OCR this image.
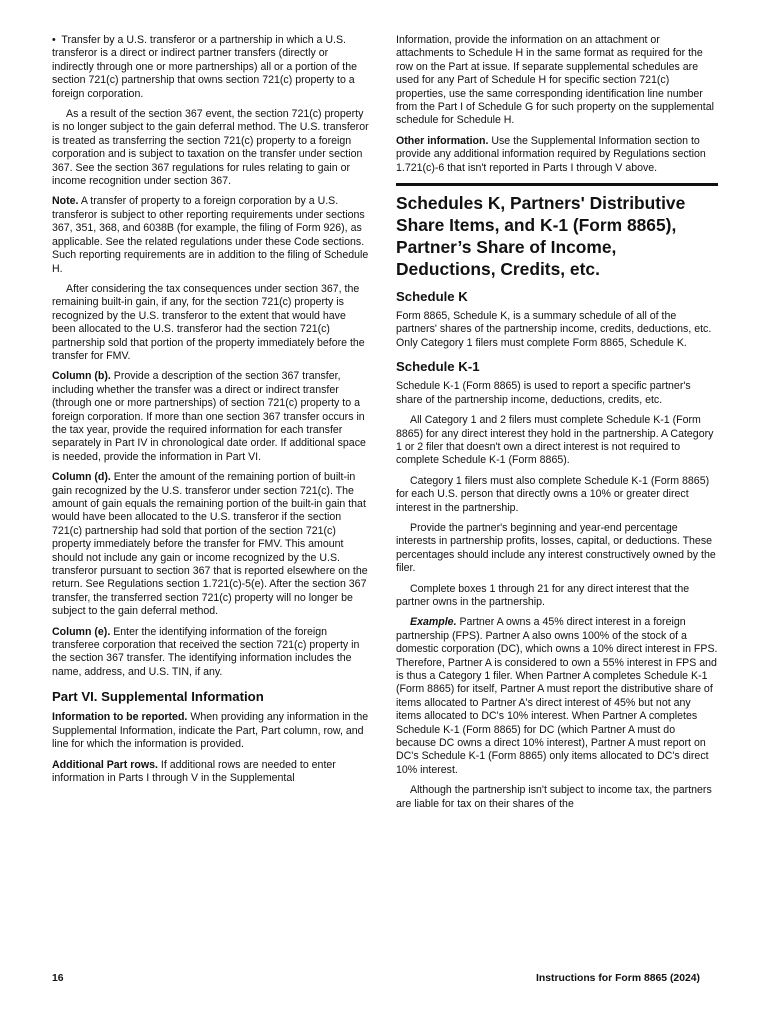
• Transfer by a U.S. transferor or a partnership in which a U.S. transferor is a direct or indirect partner transfers (directly or indirectly through one or more partnerships) all or a portion of the section 721(c) partnership that owns section 721(c) property to a foreign corporation.

As a result of the section 367 event, the section 721(c) property is no longer subject to the gain deferral method. The U.S. transferor is treated as transferring the section 721(c) property to a foreign corporation and is subject to taxation on the transfer under section 367. See the section 367 regulations for rules relating to gain or income recognition under section 367.

Note. A transfer of property to a foreign corporation by a U.S. transferor is subject to other reporting requirements under sections 367, 351, 368, and 6038B (for example, the filing of Form 926), as applicable. See the related regulations under these Code sections. Such reporting requirements are in addition to the filing of Schedule H.

After considering the tax consequences under section 367, the remaining built-in gain, if any, for the section 721(c) property is recognized by the U.S. transferor to the extent that would have been allocated to the U.S. transferor had the section 721(c) partnership sold that portion of the property immediately before the transfer for FMV.

Column (b). Provide a description of the section 367 transfer, including whether the transfer was a direct or indirect transfer (through one or more partnerships) of section 721(c) property to a foreign corporation. If more than one section 367 transfer occurs in the tax year, provide the required information for each transfer separately in Part IV in chronological date order. If additional space is needed, provide the information in Part VI.

Column (d). Enter the amount of the remaining portion of built-in gain recognized by the U.S. transferor under section 721(c). The amount of gain equals the remaining portion of the built-in gain that would have been allocated to the U.S. transferor if the section 721(c) partnership had sold that portion of the section 721(c) property immediately before the transfer for FMV. This amount should not include any gain or income recognized by the U.S. transferor pursuant to section 367 that is reported elsewhere on the return. See Regulations section 1.721(c)-5(e). After the section 367 transfer, the transferred section 721(c) property will no longer be subject to the gain deferral method.

Column (e). Enter the identifying information of the foreign transferee corporation that received the section 721(c) property in the section 367 transfer. The identifying information includes the name, address, and U.S. TIN, if any.

Part VI. Supplemental Information

Information to be reported. When providing any information in the Supplemental Information, indicate the Part, Part column, row, and line for which the information is provided.

Additional Part rows. If additional rows are needed to enter information in Parts I through V in the Supplemental

Information, provide the information on an attachment or attachments to Schedule H in the same format as required for the row on the Part at issue. If separate supplemental schedules are used for any Part of Schedule H for specific section 721(c) properties, use the same corresponding identification line number from the Part I of Schedule G for such property on the supplemental schedule for Schedule H.

Other information. Use the Supplemental Information section to provide any additional information required by Regulations section 1.721(c)-6 that isn't reported in Parts I through V above.

Schedules K, Partners' Distributive Share Items, and K-1 (Form 8865), Partner’s Share of Income, Deductions, Credits, etc.
Schedule K

Form 8865, Schedule K, is a summary schedule of all of the partners' shares of the partnership income, credits, deductions, etc. Only Category 1 filers must complete Form 8865, Schedule K.

Schedule K-1

Schedule K-1 (Form 8865) is used to report a specific partner's share of the partnership income, deductions, credits, etc.

All Category 1 and 2 filers must complete Schedule K-1 (Form 8865) for any direct interest they hold in the partnership. A Category 1 or 2 filer that doesn't own a direct interest is not required to complete Schedule K-1 (Form 8865).

Category 1 filers must also complete Schedule K-1 (Form 8865) for each U.S. person that directly owns a 10% or greater direct interest in the partnership.

Provide the partner's beginning and year-end percentage interests in partnership profits, losses, capital, or deductions. These percentages should include any interest constructively owned by the filer.

Complete boxes 1 through 21 for any direct interest that the partner owns in the partnership.

Example. Partner A owns a 45% direct interest in a foreign partnership (FPS). Partner A also owns 100% of the stock of a domestic corporation (DC), which owns a 10% direct interest in FPS. Therefore, Partner A is considered to own a 55% interest in FPS and is thus a Category 1 filer. When Partner A completes Schedule K-1 (Form 8865) for itself, Partner A must report the distributive share of items allocated to Partner A's direct interest of 45% but not any items allocated to DC's 10% interest. When Partner A completes Schedule K-1 (Form 8865) for DC (which Partner A must do because DC owns a direct 10% interest), Partner A must report on DC's Schedule K-1 (Form 8865) only items allocated to DC's direct 10% interest.

Although the partnership isn't subject to income tax, the partners are liable for tax on their shares of the

16	Instructions for Form 8865 (2024)
